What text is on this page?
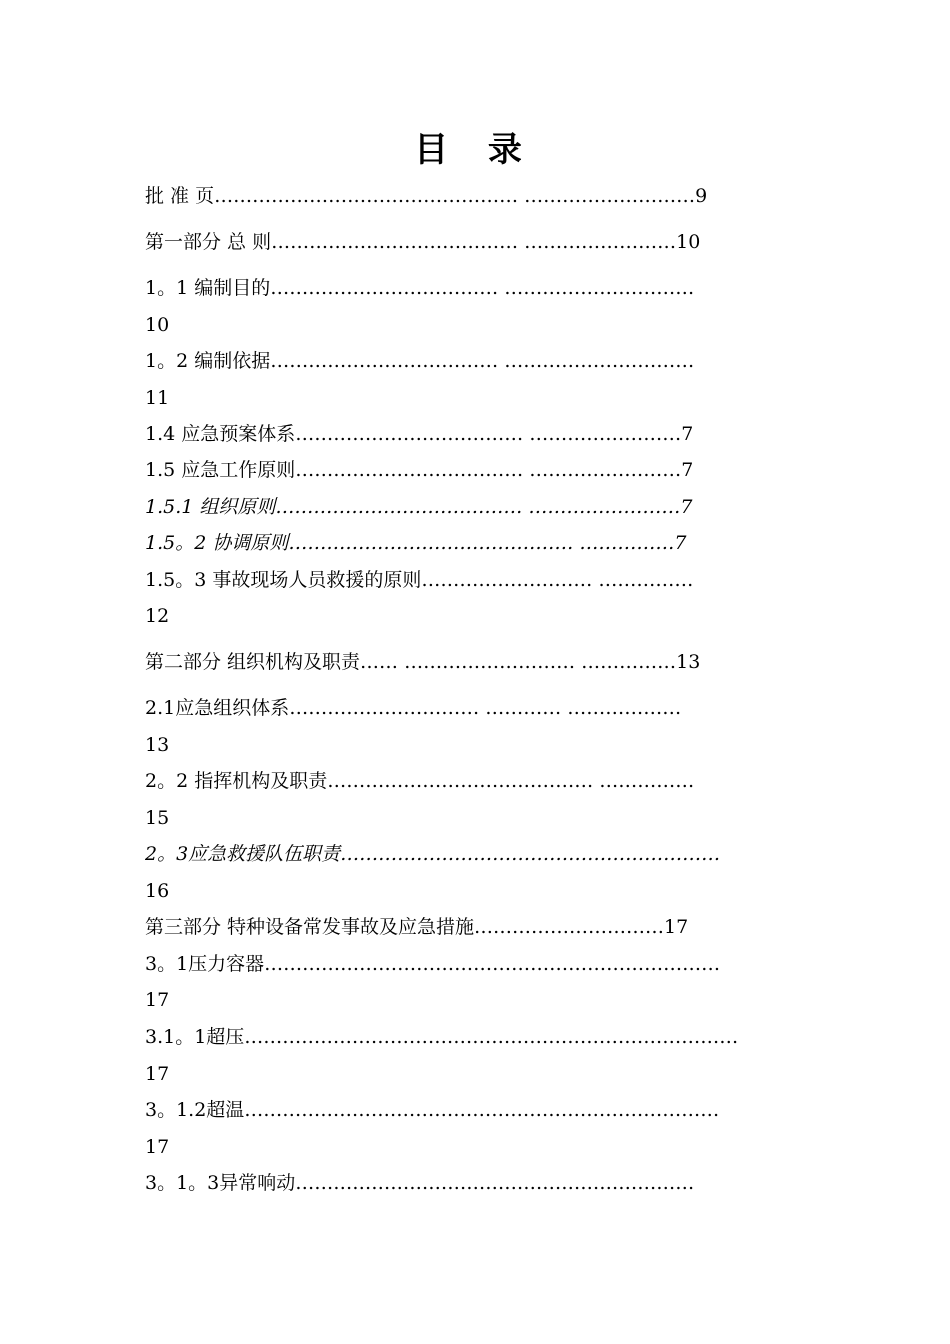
目 录
批 准 页………………………………………… ………………………9
第一部分 总 则………………………………… ……………………10
1。1 编制目的……………………………… …………………………
10
1。2 编制依据……………………………… …………………………
11
1.4 应急预案体系……………………………… ……………………7
1.5 应急工作原则……………………………… ……………………7
1.5.1 组织原则………………………………… ……………………7
1.5。2 协调原则……………………………………… ……………7
1.5。3 事故现场人员救援的原则……………………… ……………
12
第二部分 组织机构及职责…… ……………………… ……………13
2.1应急组织体系………………………… ………… ………………
13
2。2 指挥机构及职责…………………………………… ……………
15
2。3应急救援队伍职责……………………………………………………
16
第三部分 特种设备常发事故及应急措施…………………………17
3。1压力容器………………………………………………………………
17
3.1。1超压……………………………………………………………………
17
3。1.2超温…………………………………………………………………
17
3。1。3异常响动………………………………………………………
